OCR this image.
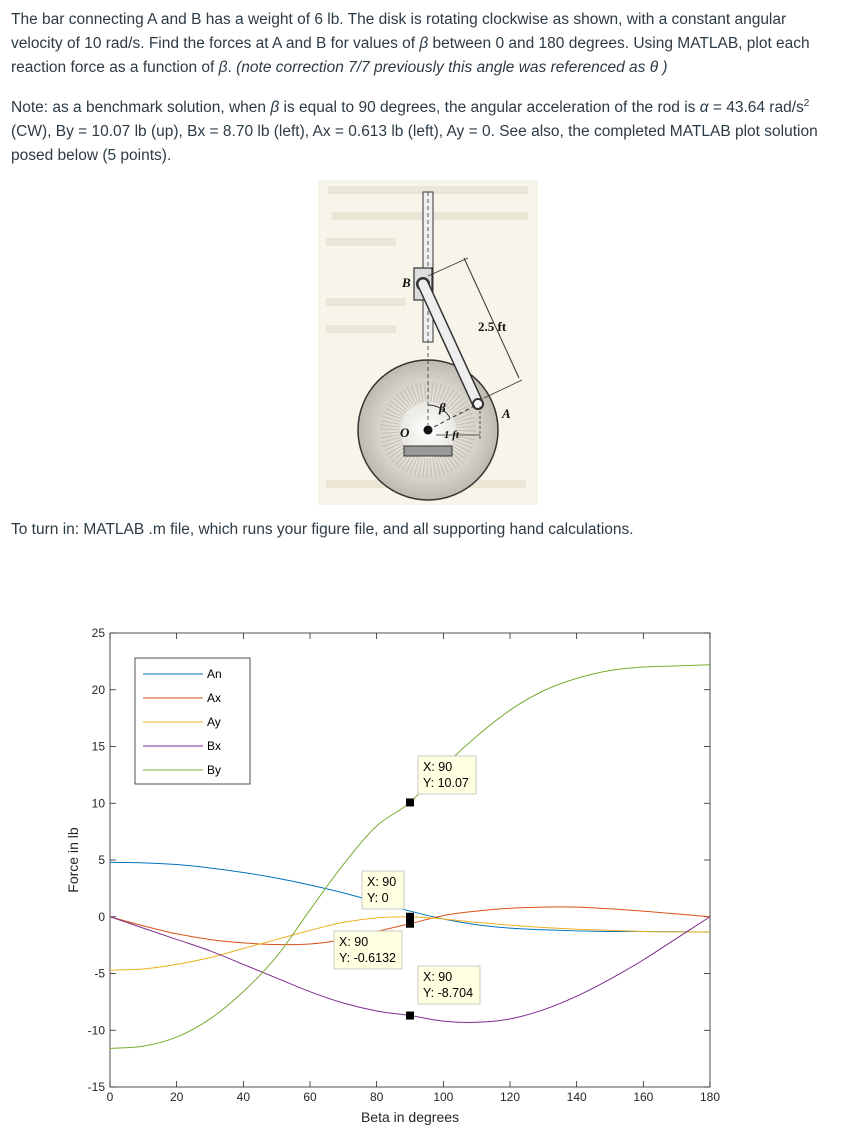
The bar connecting A and B has a weight of 6 lb. The disk is rotating clockwise as shown, with a constant angular velocity of 10 rad/s. Find the forces at A and B for values of β between 0 and 180 degrees. Using MATLAB, plot each reaction force as a function of β. (note correction 7/7 previously this angle was referenced as θ )
Note: as a benchmark solution, when β is equal to 90 degrees, the angular acceleration of the rod is α = 43.64 rad/$s^2$ (CW), By = 10.07 lb (up), Bx = 8.70 lb (left), Ax = 0.613 lb (left), Ay = 0. See also, the completed MATLAB plot solution posed below (5 points).
B
A
O
β
2.5 ft
1 ft
To turn in: MATLAB .m file, which runs your figure file, and all supporting hand calculations.
0	20	40	60	80	100	120	140	160	180
-15
-10
-5
0
5
10
15
20
25
Beta in degrees
Force in lb
An
Ax
Ay
Bx
By	X: 90
Y: 10.07
X: 90
Y: 0
X: 90
Y: -0.6132
X: 90
Y: -8.704
